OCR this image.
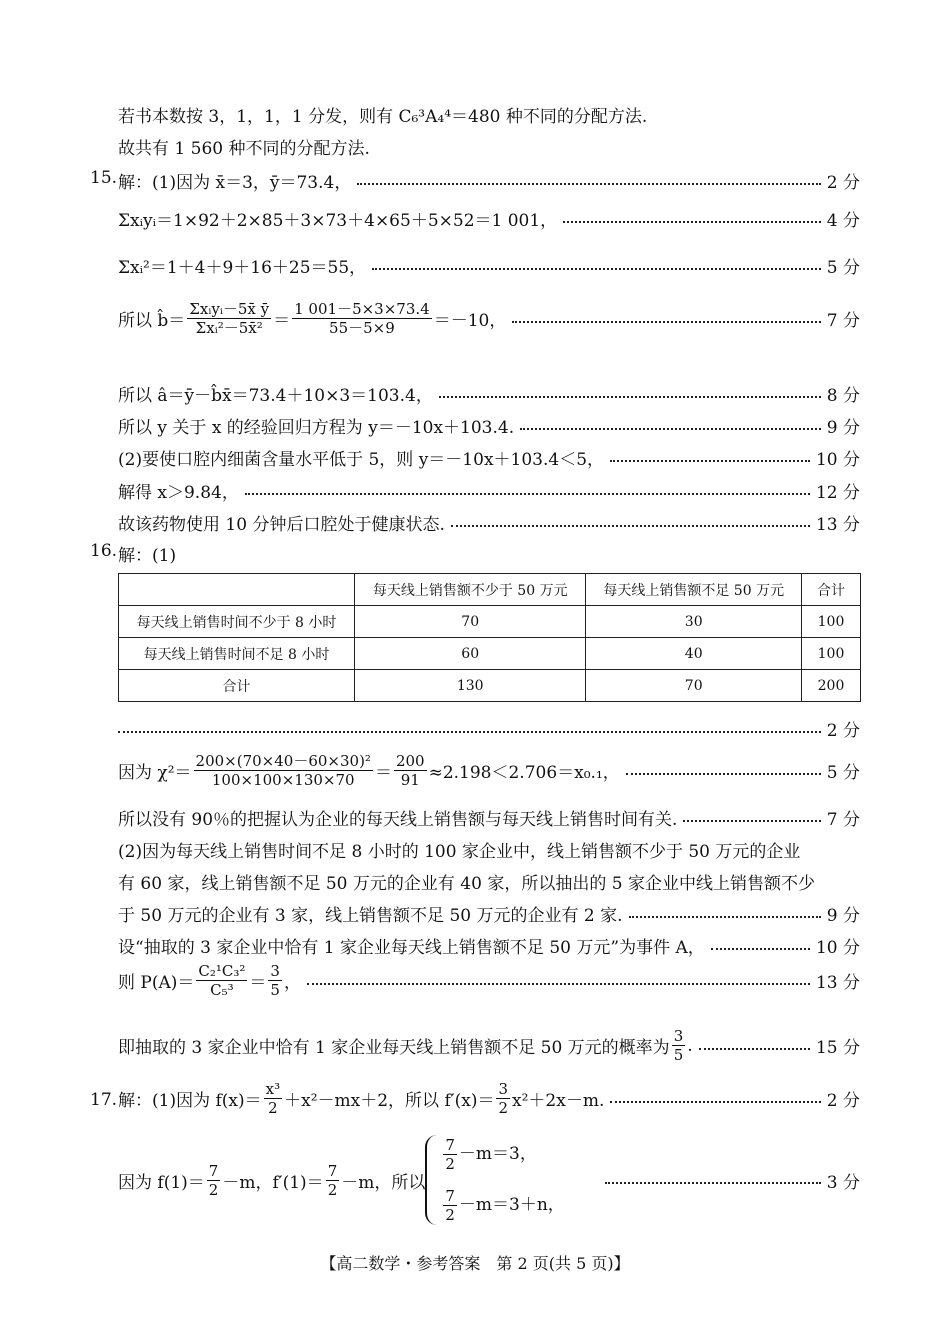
若书本数按 3，1，1，1 分发，则有 C₆³A₄⁴＝480 种不同的分配方法.
故共有 1 560 种不同的分配方法.
15. 解：(1)因为 x̄＝3，ȳ＝73.4，	2 分
Σxᵢyᵢ＝1×92＋2×85＋3×73＋4×65＋5×52＝1 001，	4 分
Σxᵢ²＝1＋4＋9＋16＋25＝55，	5 分
所以 b̂＝ $\frac{\text{Σxᵢyᵢ－5x̄ ȳ}}{\text{Σxᵢ²－5x̄²}} = \frac{1 001-5\times 3\times 73.4}{55-5\times 9} =-10$，	7 分
所以 â＝ȳ－b̂x̄＝73.4＋10×3＝103.4，	8 分
所以 y 关于 x 的经验回归方程为 y＝－10x＋103.4.	9 分
(2)要使口腔内细菌含量水平低于 5，则 y＝－10x＋103.4＜5，	10 分
解得 x＞9.84，	12 分
故该药物使用 10 分钟后口腔处于健康状态.	13 分
16. 解：(1)
	每天线上销售额不少于 50 万元	每天线上销售额不足 50 万元	合计
每天线上销售时间不少于 8 小时	70	30	100
每天线上销售时间不足 8 小时	60	40	100
合计	130	70	200
2 分
因为 $\chi^2= \frac{\text{200×(70×40－60×30)²}}{100\times 100\times 130\times 70} = \frac{200}{91} \approx 2.198<2.706=x_0._1$，	5 分
所以没有 90％的把握认为企业的每天线上销售额与每天线上销售时间有关.	7 分
(2)因为每天线上销售时间不足 8 小时的 100 家企业中，线上销售额不少于 50 万元的企业
有 60 家，线上销售额不足 50 万元的企业有 40 家，所以抽出的 5 家企业中线上销售额不少
于 50 万元的企业有 3 家，线上销售额不足 50 万元的企业有 2 家.	9 分
设“抽取的 3 家企业中恰有 1 家企业每天线上销售额不足 50 万元”为事件 A，	10 分
则 $P(A)= \frac{\text{C₂¹C₃²}}{\text{C₅³}} = \frac{3}{5}$ ，	13 分
即抽取的 3 家企业中恰有 1 家企业每天线上销售额不足 50 万元的概率为 $\frac{3}{5}$ .	15 分
17. 解：(1)因为 $f(x)= \frac{\text{x³}}{2} +x^2-mx+2$，所以 $f'(x)= \frac{3}{2} x^2+2x-m$.	2 分
因为 $f(1)= \frac{7}{2} -m$，$f'(1)= \frac{7}{2} -m$，所以
$\frac{7}{2} -m=3$，
$\frac{7}{2} -m=3+n$，
3 分
【高二数学・参考答案　第 2 页(共 5 页)】
